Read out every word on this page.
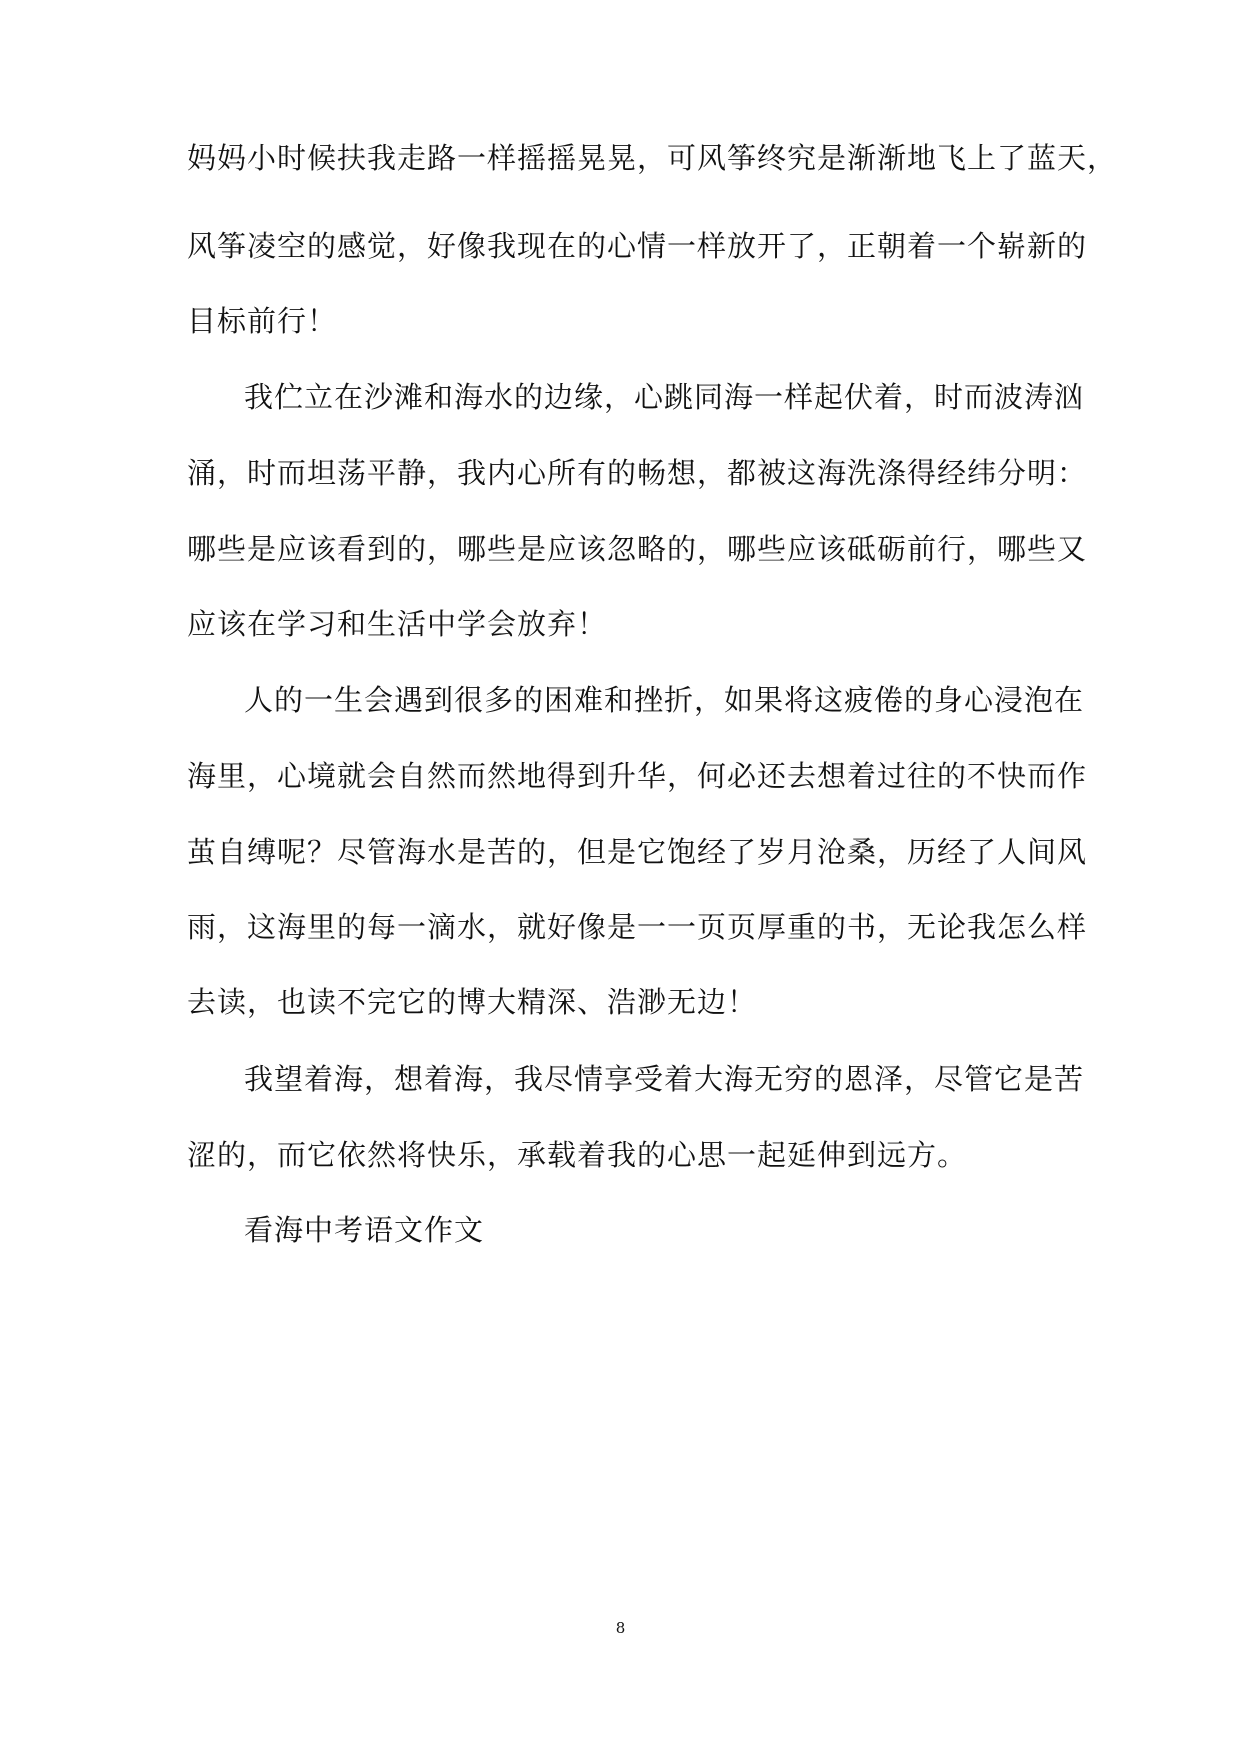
妈妈小时候扶我走路一样摇摇晃晃，可风筝终究是渐渐地飞上了蓝天，
风筝凌空的感觉，好像我现在的心情一样放开了，正朝着一个崭新的
目标前行！
我伫立在沙滩和海水的边缘，心跳同海一样起伏着，时而波涛汹
涌，时而坦荡平静，我内心所有的畅想，都被这海洗涤得经纬分明：
哪些是应该看到的，哪些是应该忽略的，哪些应该砥砺前行，哪些又
应该在学习和生活中学会放弃！
人的一生会遇到很多的困难和挫折，如果将这疲倦的身心浸泡在
海里，心境就会自然而然地得到升华，何必还去想着过往的不快而作
茧自缚呢？尽管海水是苦的，但是它饱经了岁月沧桑，历经了人间风
雨，这海里的每一滴水，就好像是一一页页厚重的书，无论我怎么样
去读，也读不完它的博大精深、浩渺无边！
我望着海，想着海，我尽情享受着大海无穷的恩泽，尽管它是苦
涩的，而它依然将快乐，承载着我的心思一起延伸到远方。
看海中考语文作文
8
